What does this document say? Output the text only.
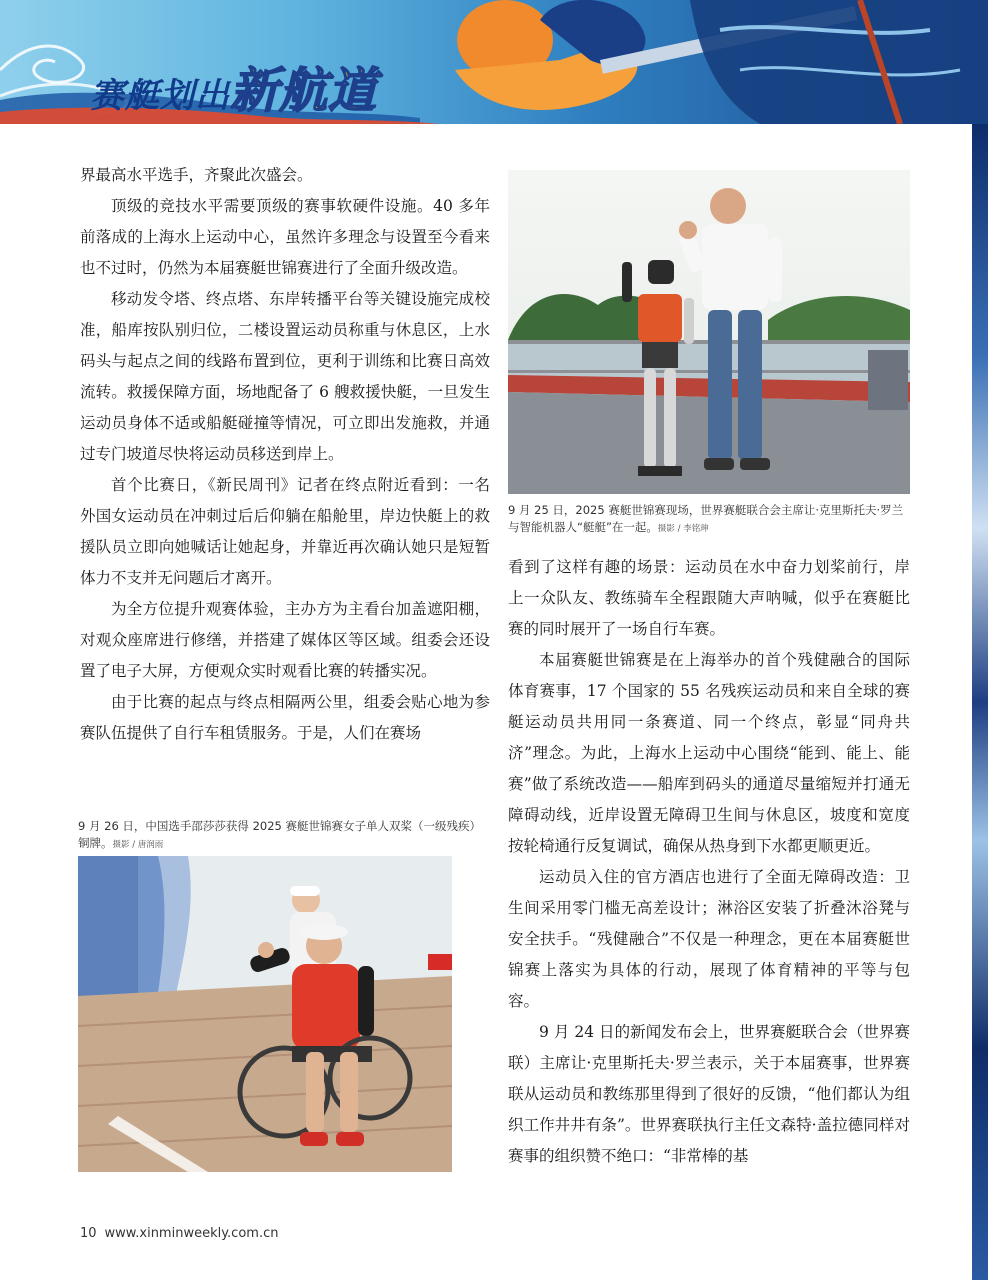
赛艇划出新航道

界最高水平选手，齐聚此次盛会。

顶级的竞技水平需要顶级的赛事软硬件设施。40 多年前落成的上海水上运动中心，虽然许多理念与设置至今看来也不过时，仍然为本届赛艇世锦赛进行了全面升级改造。

移动发令塔、终点塔、东岸转播平台等关键设施完成校准，船库按队别归位，二楼设置运动员称重与休息区，上水码头与起点之间的线路布置到位，更利于训练和比赛日高效流转。救援保障方面，场地配备了 6 艘救援快艇，一旦发生运动员身体不适或船艇碰撞等情况，可立即出发施救，并通过专门坡道尽快将运动员移送到岸上。

首个比赛日，《新民周刊》记者在终点附近看到：一名外国女运动员在冲刺过后后仰躺在船舱里，岸边快艇上的救援队员立即向她喊话让她起身，并靠近再次确认她只是短暂体力不支并无问题后才离开。

为全方位提升观赛体验，主办方为主看台加盖遮阳棚，对观众座席进行修缮，并搭建了媒体区等区域。组委会还设置了电子大屏，方便观众实时观看比赛的转播实况。

由于比赛的起点与终点相隔两公里，组委会贴心地为参赛队伍提供了自行车租赁服务。于是，人们在赛场

9 月 25 日，2025 赛艇世锦赛现场，世界赛艇联合会主席让·克里斯托夫·罗兰与智能机器人“艇艇”在一起。摄影 / 李铭珅

看到了这样有趣的场景：运动员在水中奋力划桨前行，岸上一众队友、教练骑车全程跟随大声呐喊，似乎在赛艇比赛的同时展开了一场自行车赛。

本届赛艇世锦赛是在上海举办的首个残健融合的国际体育赛事，17 个国家的 55 名残疾运动员和来自全球的赛艇运动员共用同一条赛道、同一个终点，彰显“同舟共济”理念。为此，上海水上运动中心围绕“能到、能上、能赛”做了系统改造——船库到码头的通道尽量缩短并打通无障碍动线，近岸设置无障碍卫生间与休息区，坡度和宽度按轮椅通行反复调试，确保从热身到下水都更顺更近。

运动员入住的官方酒店也进行了全面无障碍改造：卫生间采用零门槛无高差设计；淋浴区安装了折叠沐浴凳与安全扶手。“残健融合”不仅是一种理念，更在本届赛艇世锦赛上落实为具体的行动，展现了体育精神的平等与包容。

9 月 24 日的新闻发布会上，世界赛艇联合会（世界赛联）主席让·克里斯托夫·罗兰表示，关于本届赛事，世界赛联从运动员和教练那里得到了很好的反馈，“他们都认为组织工作井井有条”。世界赛联执行主任文森特·盖拉德同样对赛事的组织赞不绝口：“非常棒的基

9 月 26 日，中国选手邵莎莎获得 2025 赛艇世锦赛女子单人双桨（一级残疾）铜牌。摄影 / 唐润雨
10 www.xinminweekly.com.cn
